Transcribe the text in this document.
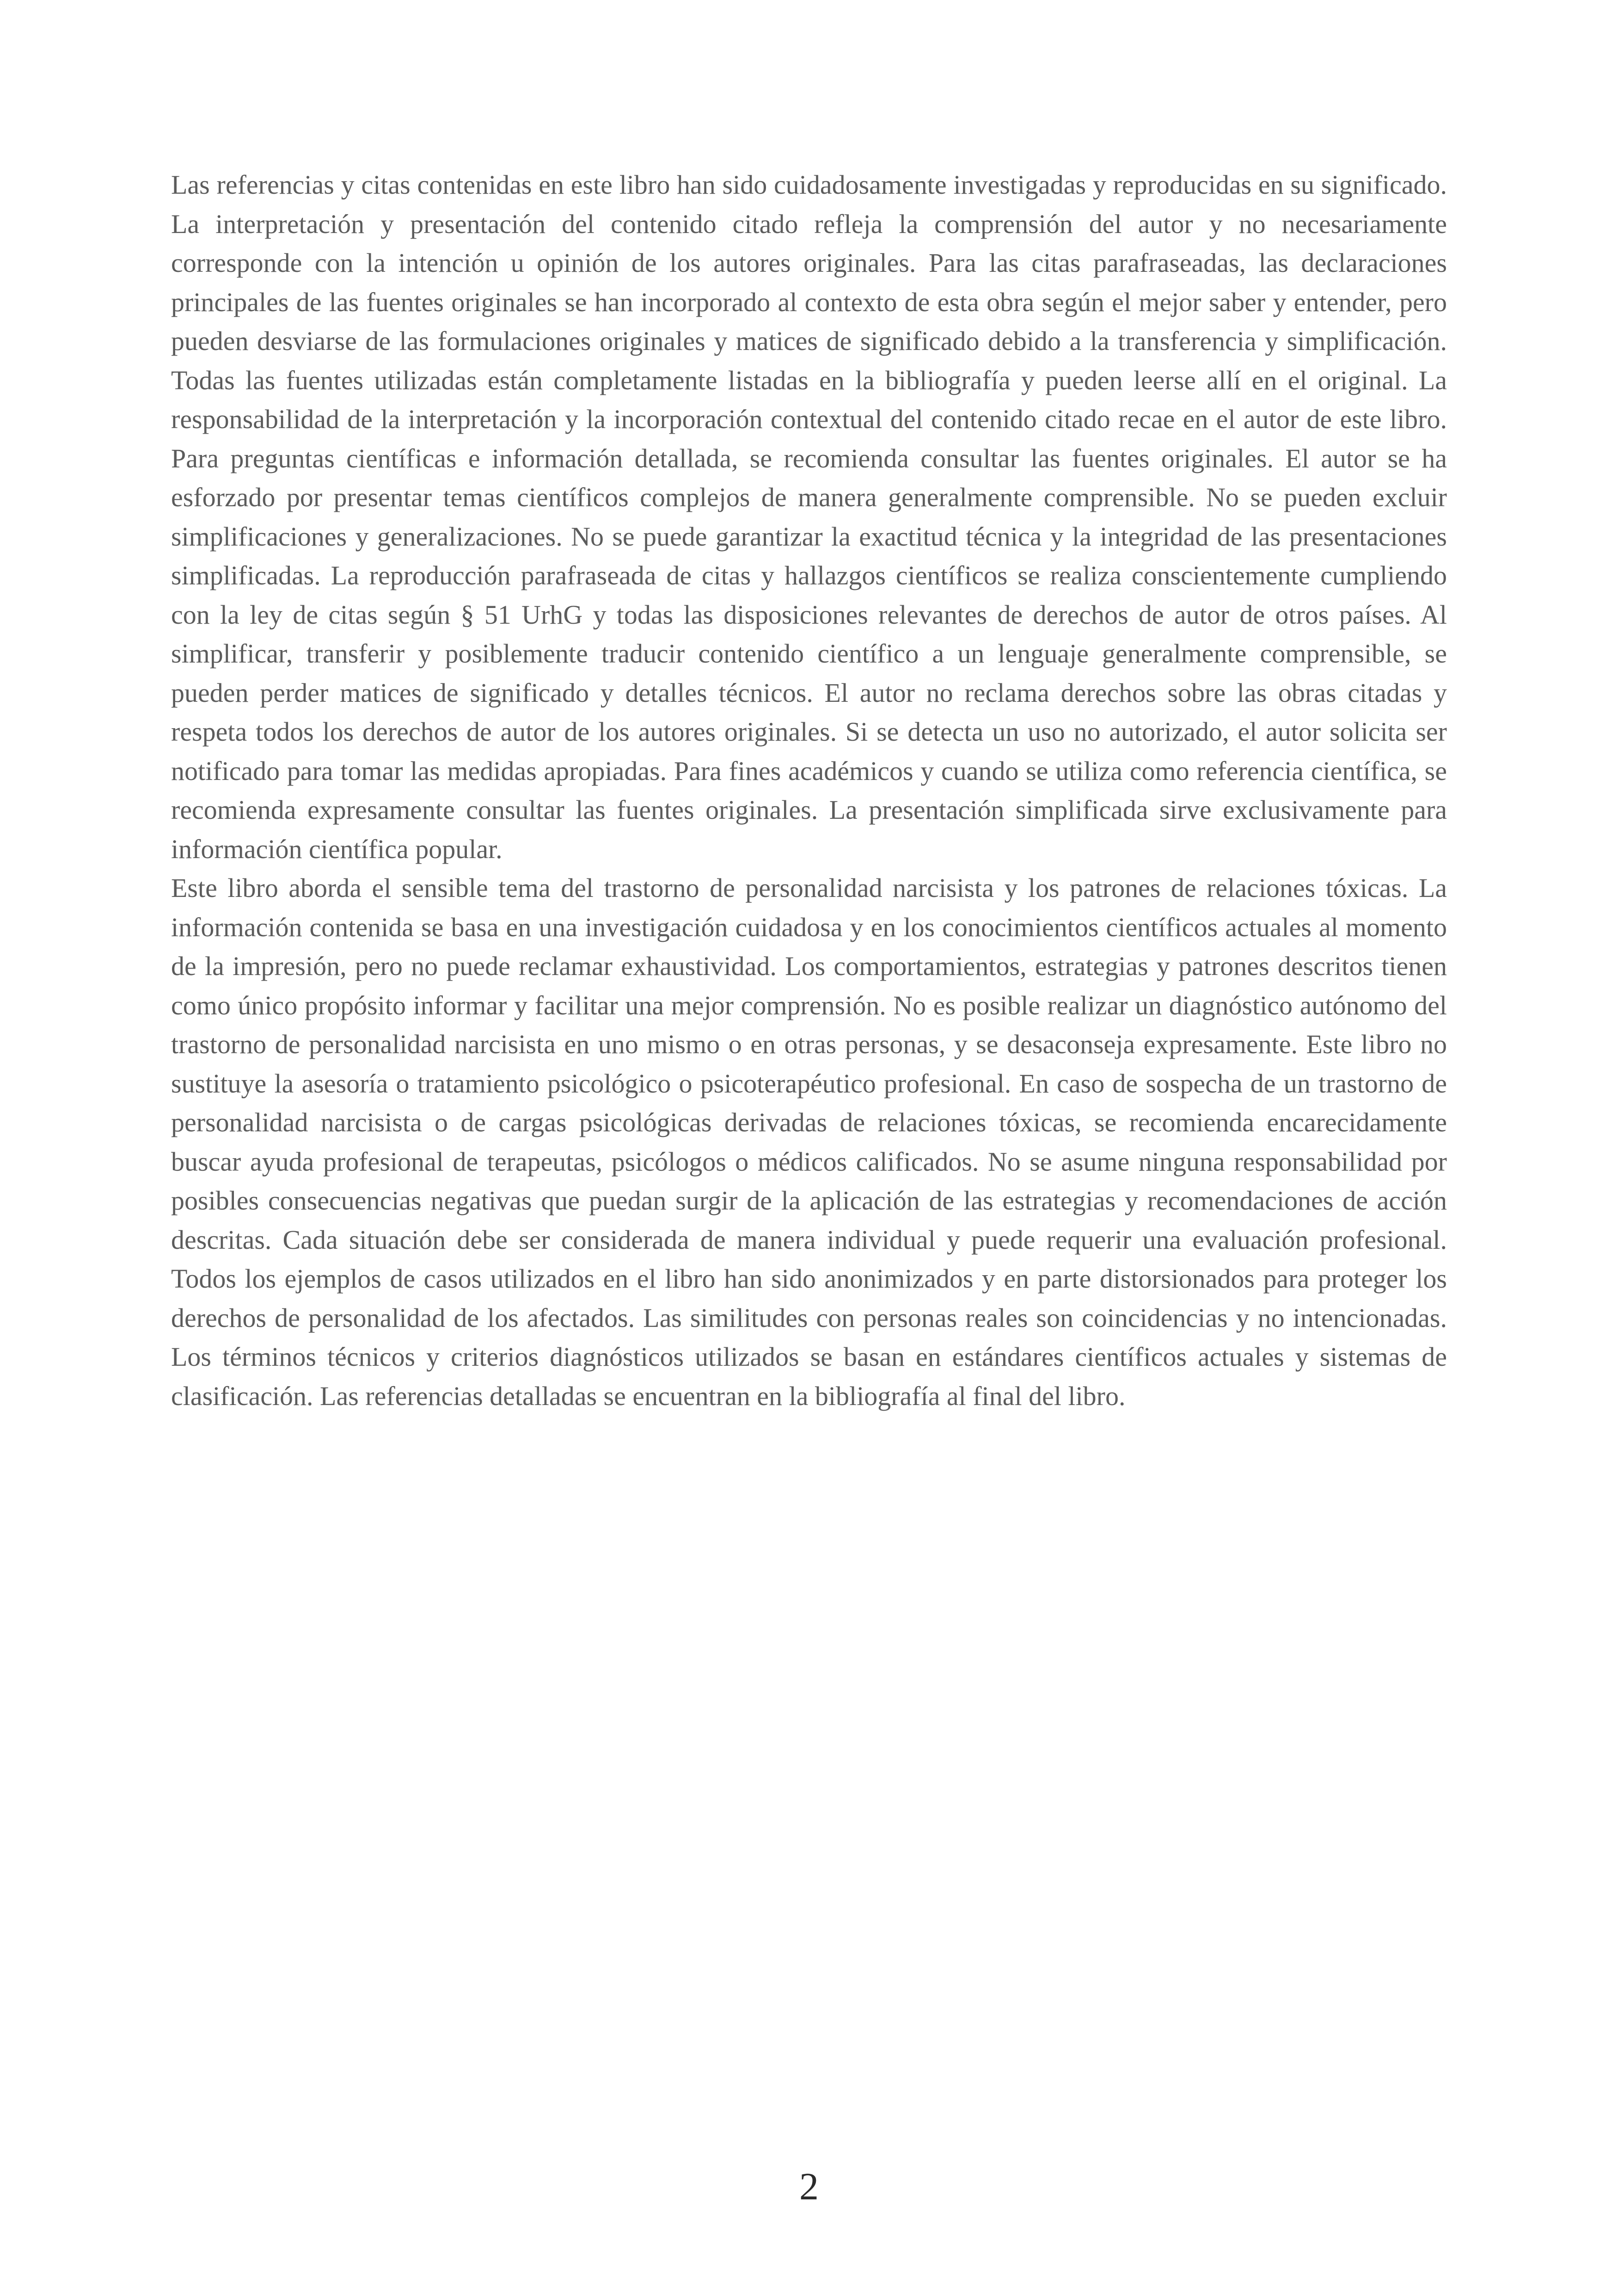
Las referencias y citas contenidas en este libro han sido cuidadosamente investigadas y reproducidas en su significado. La interpretación y presentación del contenido citado refleja la comprensión del autor y no necesariamente corresponde con la intención u opinión de los autores originales. Para las citas parafraseadas, las declaraciones principales de las fuentes originales se han incorporado al contexto de esta obra según el mejor saber y entender, pero pueden desviarse de las formulaciones originales y matices de significado debido a la transferencia y simplificación. Todas las fuentes utilizadas están completamente listadas en la bibliografía y pueden leerse allí en el original. La responsabilidad de la interpretación y la incorporación contextual del contenido citado recae en el autor de este libro. Para preguntas científicas e información detallada, se recomienda consultar las fuentes originales. El autor se ha esforzado por presentar temas científicos complejos de manera generalmente comprensible. No se pueden excluir simplificaciones y generalizaciones. No se puede garantizar la exactitud técnica y la integridad de las presentaciones simplificadas. La reproducción parafraseada de citas y hallazgos científicos se realiza conscientemente cumpliendo con la ley de citas según § 51 UrhG y todas las disposiciones relevantes de derechos de autor de otros países. Al simplificar, transferir y posiblemente traducir contenido científico a un lenguaje generalmente comprensible, se pueden perder matices de significado y detalles técnicos. El autor no reclama derechos sobre las obras citadas y respeta todos los derechos de autor de los autores originales. Si se detecta un uso no autorizado, el autor solicita ser notificado para tomar las medidas apropiadas. Para fines académicos y cuando se utiliza como referencia científica, se recomienda expresamente consultar las fuentes originales. La presentación simplificada sirve exclusivamente para información científica popular.

Este libro aborda el sensible tema del trastorno de personalidad narcisista y los patrones de relaciones tóxicas. La información contenida se basa en una investigación cuidadosa y en los conocimientos científicos actuales al momento de la impresión, pero no puede reclamar exhaustividad. Los comportamientos, estrategias y patrones descritos tienen como único propósito informar y facilitar una mejor comprensión. No es posible realizar un diagnóstico autónomo del trastorno de personalidad narcisista en uno mismo o en otras personas, y se desaconseja expresamente. Este libro no sustituye la asesoría o tratamiento psicológico o psicoterapéutico profesional. En caso de sospecha de un trastorno de personalidad narcisista o de cargas psicológicas derivadas de relaciones tóxicas, se recomienda encarecidamente buscar ayuda profesional de terapeutas, psicólogos o médicos calificados. No se asume ninguna responsabilidad por posibles consecuencias negativas que puedan surgir de la aplicación de las estrategias y recomendaciones de acción descritas. Cada situación debe ser considerada de manera individual y puede requerir una evaluación profesional. Todos los ejemplos de casos utilizados en el libro han sido anonimizados y en parte distorsionados para proteger los derechos de personalidad de los afectados. Las similitudes con personas reales son coincidencias y no intencionadas. Los términos técnicos y criterios diagnósticos utilizados se basan en estándares científicos actuales y sistemas de clasificación. Las referencias detalladas se encuentran en la bibliografía al final del libro.

2
